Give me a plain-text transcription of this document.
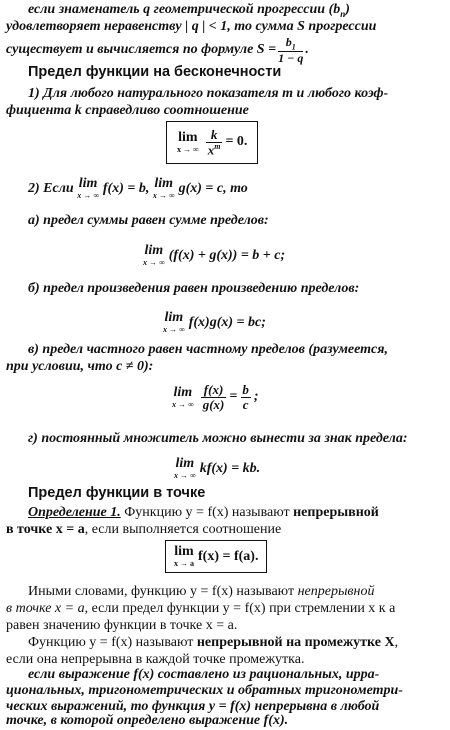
если знаменатель q геометрической прогрессии $(b_n)$
удовлетворяет неравенству | q | < 1, то сумма S прогрессии
существует и вычисляется по формуле $S = \frac{b_1}{1 - q}$ .
Предел функции на бесконечности
1) Для любого натурального показателя m и любого коэф-
фициента k справедливо соотношение
lim
x → ∞ $\frac{k}{x^m} = 0$.
2) Если
lim
x → ∞ f(x) = b,
lim
x → ∞ g(x) = c, то
а) предел суммы равен сумме пределов:
lim
x → ∞ (f(x) + g(x)) = b + c;
б) предел произведения равен произведению пределов:
lim
x → ∞ f(x)g(x) = bc;
в) предел частного равен частному пределов (разумеется,
при условии, что c ≠ 0):
lim
x → ∞ $\frac{f(x)}{g(x)} = \frac{b}{c}$ ;
г) постоянный множитель можно вынести за знак предела:
lim
x → ∞ kf(x) = kb.
Предел функции в точке
Определение 1. Функцию y = f(x) называют непрерывной
в точке x = a, если выполняется соотношение
lim
x → a f(x) = f(a).
Иными словами, функцию y = f(x) называют непрерывной
в точке x = a, если предел функции y = f(x) при стремлении x к a
равен значению функции в точке x = a.
Функцию y = f(x) называют непрерывной на промежутке X,
если она непрерывна в каждой точке промежутка.
если выражение f(x) составлено из рациональных, ирра-
циональных, тригонометрических и обратных тригонометри-
ческих выражений, то функция y = f(x) непрерывна в любой
точке, в которой определено выражение f(x).
